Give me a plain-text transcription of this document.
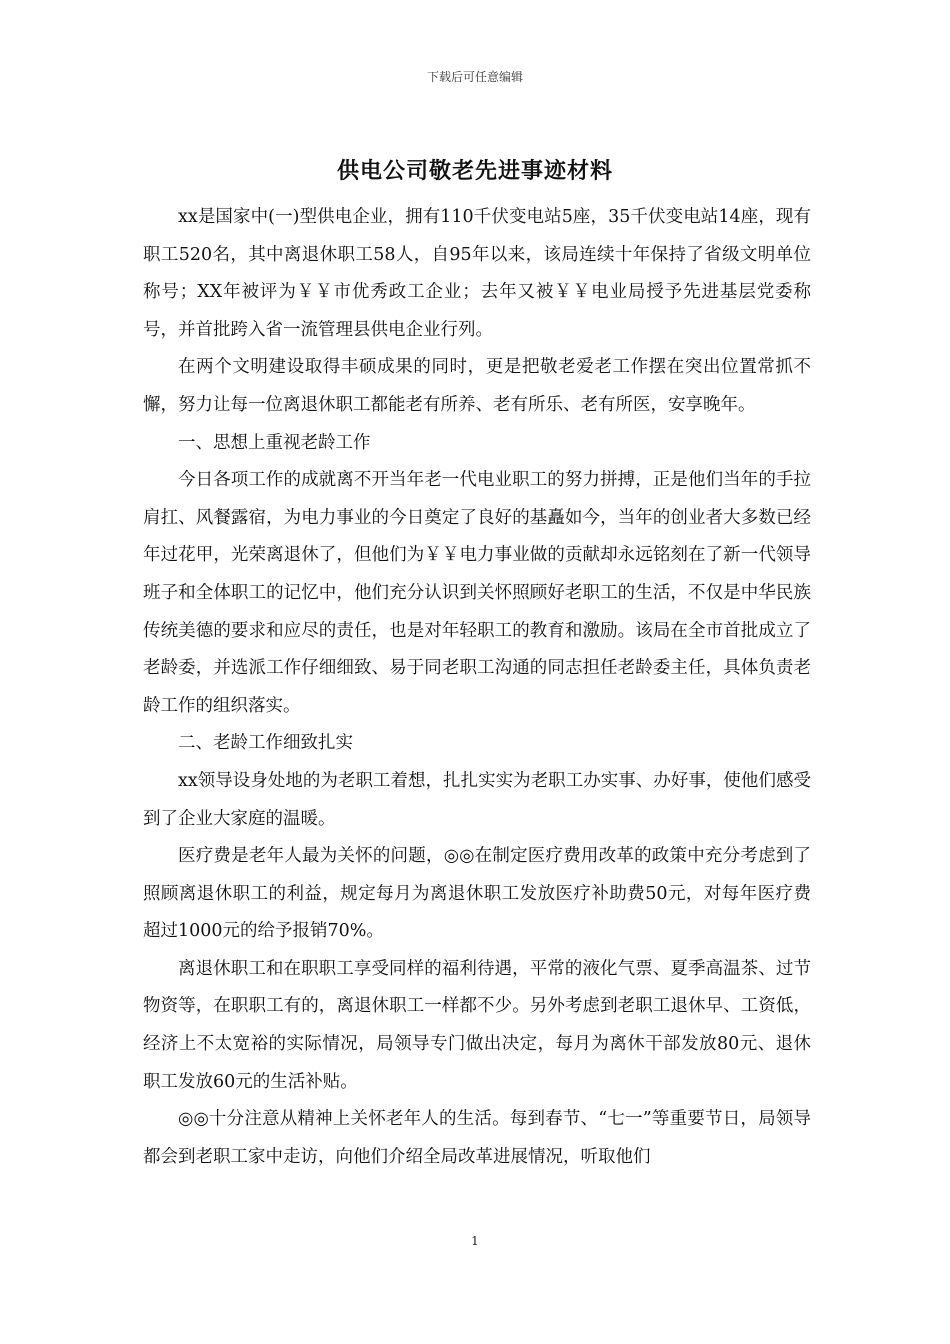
下载后可任意编辑
供电公司敬老先进事迹材料

xx是国家中(一)型供电企业，拥有110千伏变电站5座，35千伏变电站14座，现有职工520名，其中离退休职工58人，自95年以来，该局连续十年保持了省级文明单位称号；XX年被评为￥￥市优秀政工企业；去年又被￥￥电业局授予先进基层党委称号，并首批跨入省一流管理县供电企业行列。

在两个文明建设取得丰硕成果的同时，更是把敬老爱老工作摆在突出位置常抓不懈，努力让每一位离退休职工都能老有所养、老有所乐、老有所医，安享晚年。

一、思想上重视老龄工作

今日各项工作的成就离不开当年老一代电业职工的努力拼搏，正是他们当年的手拉肩扛、风餐露宿，为电力事业的今日奠定了良好的基矗如今，当年的创业者大多数已经年过花甲，光荣离退休了，但他们为￥￥电力事业做的贡献却永远铭刻在了新一代领导班子和全体职工的记忆中，他们充分认识到关怀照顾好老职工的生活，不仅是中华民族传统美德的要求和应尽的责任，也是对年轻职工的教育和激励。该局在全市首批成立了老龄委，并选派工作仔细细致、易于同老职工沟通的同志担任老龄委主任，具体负责老龄工作的组织落实。

二、老龄工作细致扎实

xx领导设身处地的为老职工着想，扎扎实实为老职工办实事、办好事，使他们感受到了企业大家庭的温暖。

医疗费是老年人最为关怀的问题，◎◎在制定医疗费用改革的政策中充分考虑到了照顾离退休职工的利益，规定每月为离退休职工发放医疗补助费50元，对每年医疗费超过1000元的给予报销70%。

离退休职工和在职职工享受同样的福利待遇，平常的液化气票、夏季高温茶、过节物资等，在职职工有的，离退休职工一样都不少。另外考虑到老职工退休早、工资低，经济上不太宽裕的实际情况，局领导专门做出决定，每月为离休干部发放80元、退休职工发放60元的生活补贴。

◎◎十分注意从精神上关怀老年人的生活。每到春节、“七一”等重要节日，局领导都会到老职工家中走访，向他们介绍全局改革进展情况，听取他们

1
